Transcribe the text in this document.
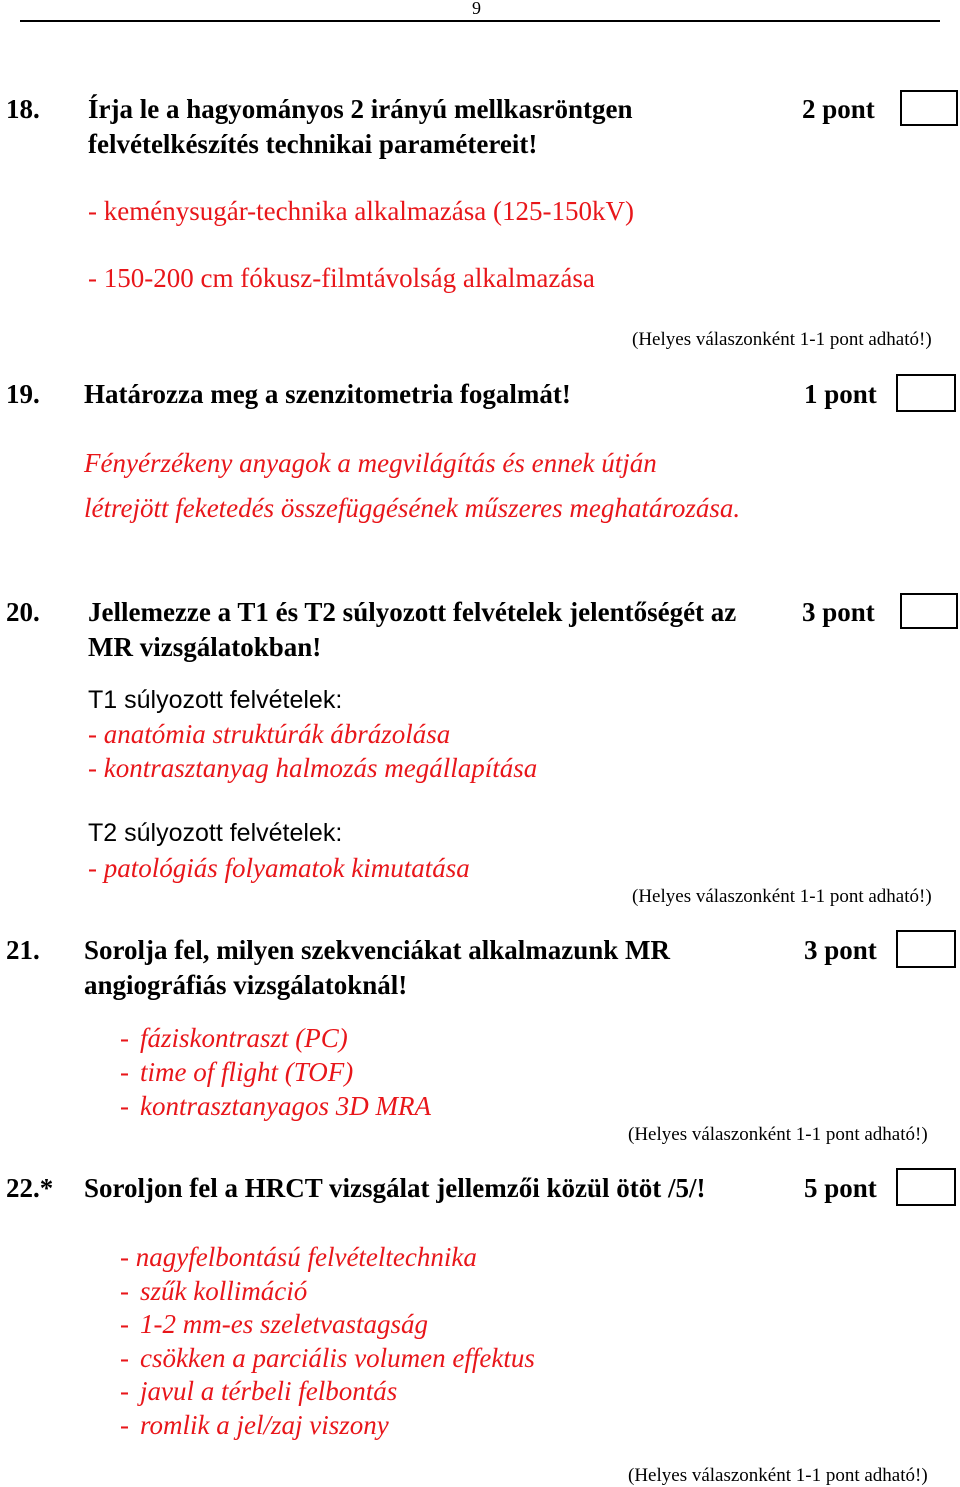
9
18. Írja le a hagyományos 2 irányú mellkasröntgen
felvételkészítés technikai paramétereit!
2 pont
- keménysugár-technika alkalmazása (125-150kV)
- 150-200 cm fókusz-filmtávolság alkalmazása
(Helyes válaszonként 1-1 pont adható!)
19. Határozza meg a szenzitometria fogalmát!	1 pont
Fényérzékeny anyagok a megvilágítás és ennek útján
létrejött feketedés összefüggésének műszeres meghatározása.
20. Jellemezze a T1 és T2 súlyozott felvételek jelentőségét az
MR vizsgálatokban!
3 pont
T1 súlyozott felvételek:
- anatómia struktúrák ábrázolása
- kontrasztanyag halmozás megállapítása
T2 súlyozott felvételek:
- patológiás folyamatok kimutatása
(Helyes válaszonként 1-1 pont adható!)
21. Sorolja fel, milyen szekvenciákat alkalmazunk MR
angiográfiás vizsgálatoknál!
3 pont
- fáziskontraszt (PC)
- time of flight (TOF)
- kontrasztanyagos 3D MRA
(Helyes válaszonként 1-1 pont adható!)
22.* Soroljon fel a HRCT vizsgálat jellemzői közül ötöt /5/!	5 pont
- nagyfelbontású felvételtechnika
- szűk kollimáció
- 1-2 mm-es szeletvastagság
- csökken a parciális volumen effektus
- javul a térbeli felbontás
- romlik a jel/zaj viszony
(Helyes válaszonként 1-1 pont adható!)
